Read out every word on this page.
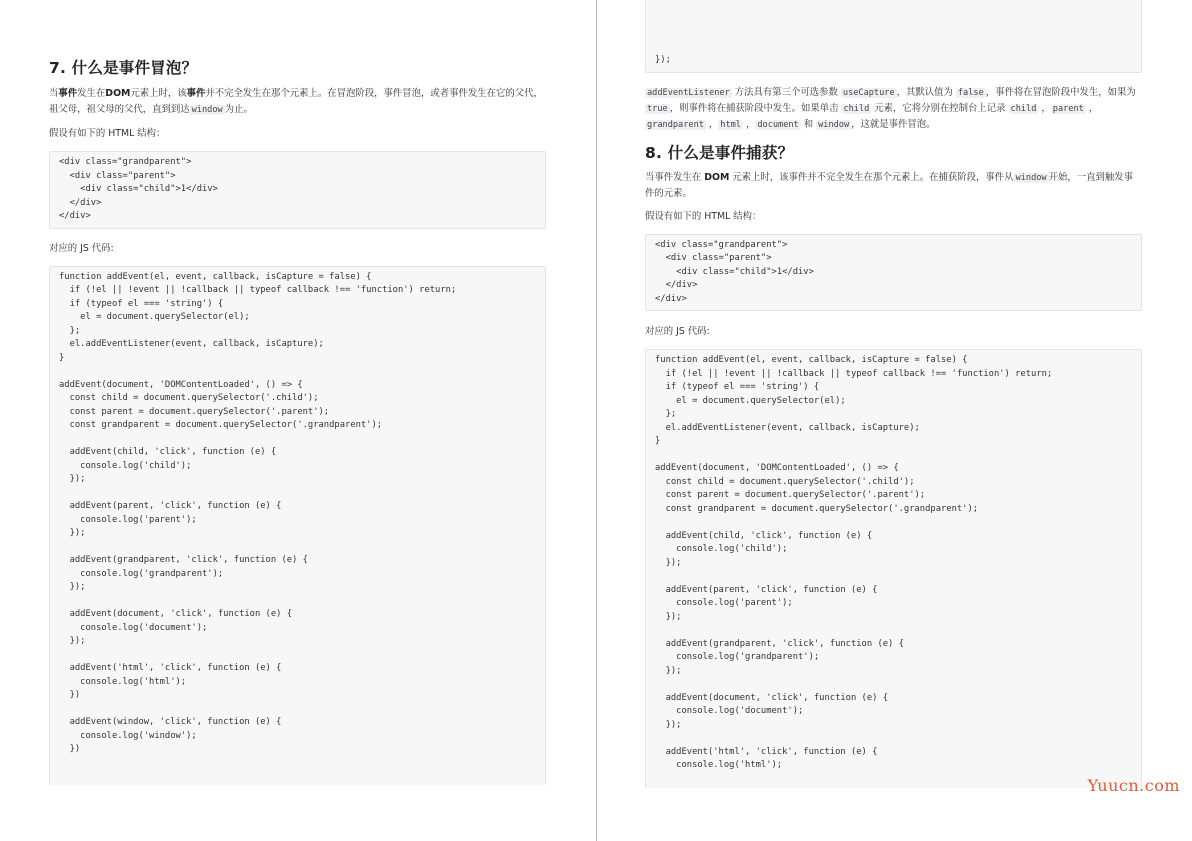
7. 什么是事件冒泡？

当事件发生在DOM元素上时，该事件并不完全发生在那个元素上。在冒泡阶段，事件冒泡，或者事件发生在它的父代，祖父母，祖父母的父代，直到到达 window 为止。

假设有如下的 HTML 结构：

<div class="grandparent">
<div class="parent">
<div class="child">1</div>
</div>
</div>

对应的 JS 代码:

function addEvent(el, event, callback, isCapture = false) {
if (!el || !event || !callback || typeof callback !== 'function') return;
if (typeof el === 'string') {
el = document.querySelector(el);
};
el.addEventListener(event, callback, isCapture);
}

addEvent(document, 'DOMContentLoaded', () => {
const child = document.querySelector('.child');
const parent = document.querySelector('.parent');
const grandparent = document.querySelector('.grandparent');

addEvent(child, 'click', function (e) {
console.log('child');
});

addEvent(parent, 'click', function (e) {
console.log('parent');
});

addEvent(grandparent, 'click', function (e) {
console.log('grandparent');
});

addEvent(document, 'click', function (e) {
console.log('document');
});

addEvent('html', 'click', function (e) {
console.log('html');
})

addEvent(window, 'click', function (e) {
console.log('window');
})

});

addEventListener 方法具有第三个可选参数 useCapture ，其默认值为 false ，事件将在冒泡阶段中发生，如果为 true ，则事件将在捕获阶段中发生。如果单击 child 元素，它将分别在控制台上记录 child ， parent ，grandparent ， html ， document 和 window ，这就是事件冒泡。

8. 什么是事件捕获？

当事件发生在 DOM 元素上时，该事件并不完全发生在那个元素上。在捕获阶段，事件从 window 开始，一直到触发事件的元素。

假设有如下的 HTML 结构：

<div class="grandparent">
<div class="parent">
<div class="child">1</div>
</div>
</div>

对应的 JS 代码:

function addEvent(el, event, callback, isCapture = false) {
if (!el || !event || !callback || typeof callback !== 'function') return;
if (typeof el === 'string') {
el = document.querySelector(el);
};
el.addEventListener(event, callback, isCapture);
}

addEvent(document, 'DOMContentLoaded', () => {
const child = document.querySelector('.child');
const parent = document.querySelector('.parent');
const grandparent = document.querySelector('.grandparent');

addEvent(child, 'click', function (e) {
console.log('child');
});

addEvent(parent, 'click', function (e) {
console.log('parent');
});

addEvent(grandparent, 'click', function (e) {
console.log('grandparent');
});

addEvent(document, 'click', function (e) {
console.log('document');
});

addEvent('html', 'click', function (e) {
console.log('html');
Yuucn.com
